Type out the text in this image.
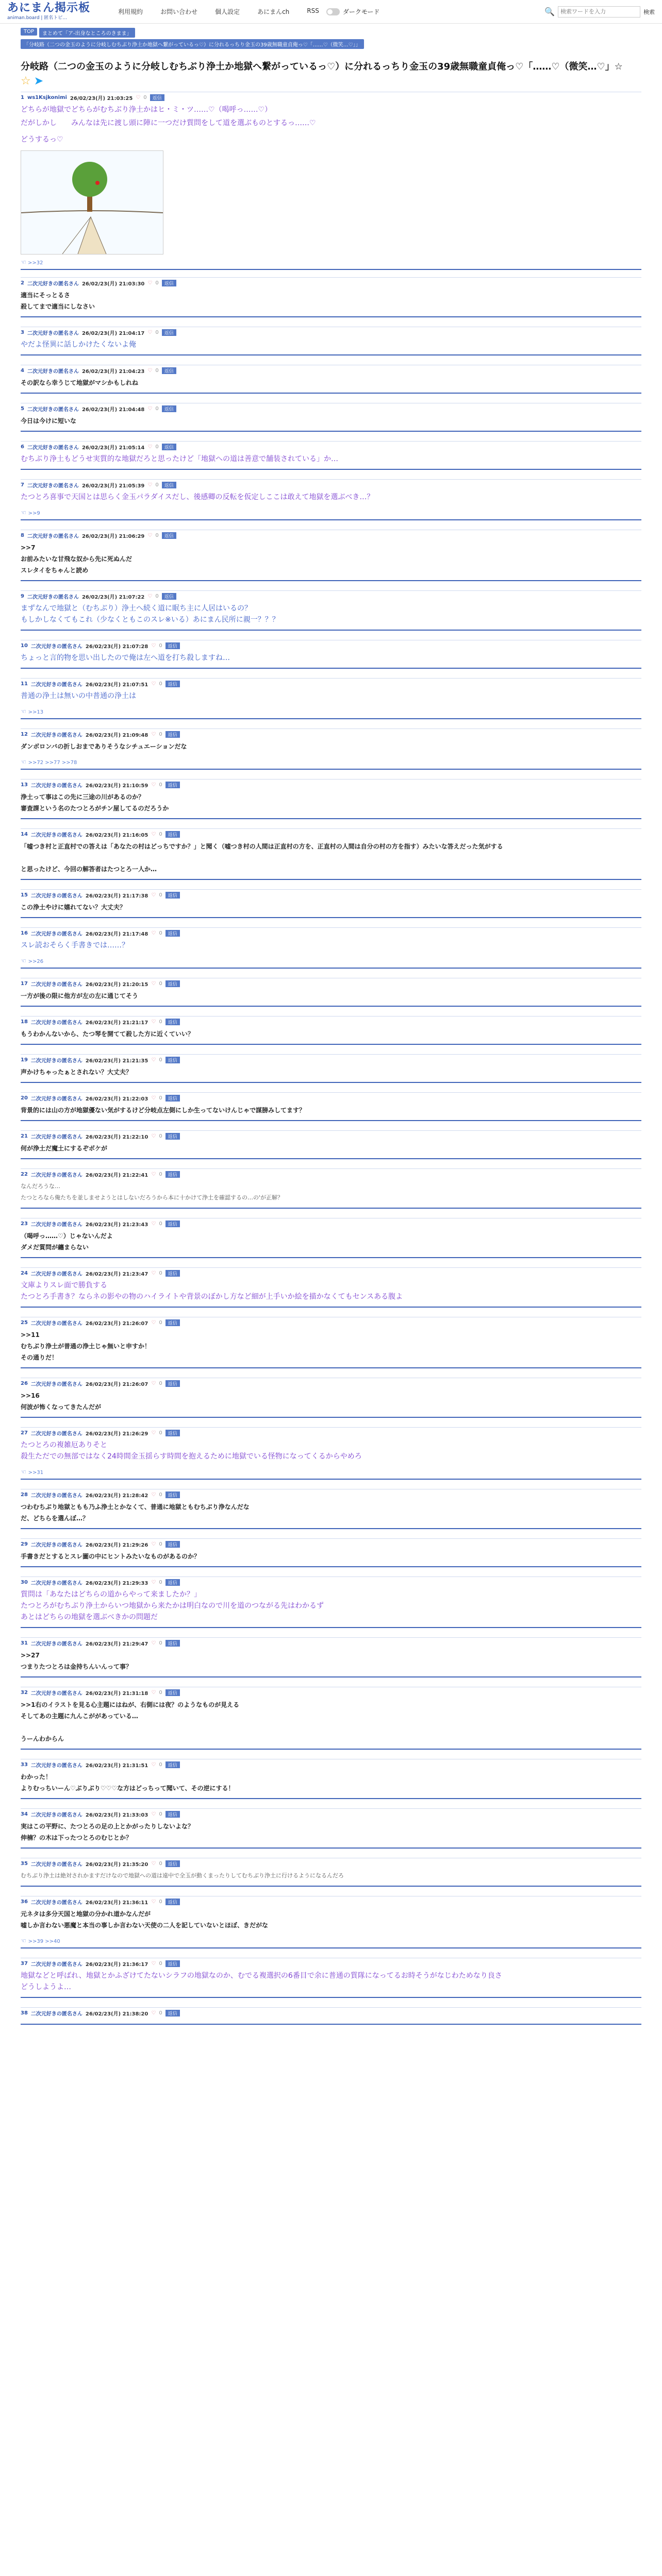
あにまん掲示板
animan.board | 匿名トピ…
利用規約	お問い合わせ	個人設定	あにまんch	RSS	ダークモード	🔍
検索ワードを入力	検索
TOP	まとめて「ア-出身なところのきまま」
「分岐路（二つの金玉のように分岐しむちぶり浄土か地獄へ繋がっているっ♡）に分れるっちり金玉の39歳無職童貞俺っ♡「……♡（微笑…♡」」
分岐路（二つの金玉のように分岐しむちぶり浄土か地獄へ繋がっているっ♡）に分れるっちり金玉の39歳無職童貞俺っ♡「……♡（微笑…♡」☆
☆ ➤
1 ws1Ksjkonimi 26/02/23(月) 21:03:25 ♡ 0	返信
どちらが地獄でどちらがむちぶり浄土かはヒ・ミ・ツ……♡（喝呼っ……♡）
だがしかし　　みんなは先に渡し頭に陣に一つだけ質問をして道を選ぶものとするっ……♡
どうするっ♡
☜ >>32
2 二次元好きの匿名さん 26/02/23(月) 21:03:30 ♡ 0	返信
適当にそっとるさ
殺してまで適当にしなさい
3 二次元好きの匿名さん 26/02/23(月) 21:04:17 ♡ 0	返信
やだよ怪異に話しかけたくないよ俺
4 二次元好きの匿名さん 26/02/23(月) 21:04:23 ♡ 0	返信
その訳なら幸うじて地獄がマシかもしれね
5 二次元好きの匿名さん 26/02/23(月) 21:04:48 ♡ 0	返信
今日は今けに短いな
6 二次元好きの匿名さん 26/02/23(月) 21:05:14 ♡ 0	返信
むちぶり浄土もどうせ実質的な地獄だろと思ったけど「地獄への道は善意で舗装されている」か…
7 二次元好きの匿名さん 26/02/23(月) 21:05:39 ♡ 0	返信
たつとろ喜事で天国とは思らく金玉パラダイスだし、後感卿の反転を仮定しここは敢えて地獄を選ぶべき…？
☜ >>9
8 二次元好きの匿名さん 26/02/23(月) 21:06:29 ♡ 0	返信
>>7
お前みたいな甘飛な奴から先に死ぬんだ
スレタイをちゃんと読め
9 二次元好きの匿名さん 26/02/23(月) 21:07:22 ♡ 0	返信
まずなんで地獄と（むちぶり）浄土へ続く道に眠ち主に人居はいるの？
もしかしなくてもこれ（少なくともこのスレ※いる）あにまん民所に親一？？？
10 二次元好きの匿名さん 26/02/23(月) 21:07:28 ♡ 0	返信
ちょっと言的物を思い出したので俺は左へ道を打ち殺しますね…
11 二次元好きの匿名さん 26/02/23(月) 21:07:51 ♡ 0	返信
普通の浄土は無いの中普通の浄土は
☜ >>13
12 二次元好きの匿名さん 26/02/23(月) 21:09:48 ♡ 0	返信
ダンボロンバの折しおまでありそうなシチュエーションだな
☜ >>72 >>77 >>78
13 二次元好きの匿名さん 26/02/23(月) 21:10:59 ♡ 0	返信
浄土って事はこの先に三途の川があるのか？
審査課という名のたつとろがチン屋してるのだろうか
14 二次元好きの匿名さん 26/02/23(月) 21:16:05 ♡ 0	返信
「嘘つき村と正直村での答えは「あなたの村はどっちですか？」と聞く（嘘つき村の人間は正直村の方を、正直村の人間は自分の村の方を指す）みたいな答えだった気がする

と思ったけど、今回の解答者はたつとろ一人か…
15 二次元好きの匿名さん 26/02/23(月) 21:17:38 ♡ 0	返信
この浄土やけに嬉れてない？大丈夫？
16 二次元好きの匿名さん 26/02/23(月) 21:17:48 ♡ 0	返信
スレ読おそらく手書きでは……？
☜ >>26
17 二次元好きの匿名さん 26/02/23(月) 21:20:15 ♡ 0	返信
一方が後の限に他方が左の左に通じてそう
18 二次元好きの匿名さん 26/02/23(月) 21:21:17 ♡ 0	返信
もうわかんないから、たつ琴を開てて殺した方に近くていい？
19 二次元好きの匿名さん 26/02/23(月) 21:21:35 ♡ 0	返信
声かけちゃったぁとされない？大丈夫？
20 二次元好きの匿名さん 26/02/23(月) 21:22:03 ♡ 0	返信
背景的には山の方が地獄優ない気がするけど分岐点左側にしか生ってないけんじゃで謀膀みしてます？
21 二次元好きの匿名さん 26/02/23(月) 21:22:10 ♡ 0	返信
何が浄土だ魔土にするぞボケが
22 二次元好きの匿名さん 26/02/23(月) 21:22:41 ♡ 0	返信
なんだろうな…
たつとろなら俺たちを並しませようとはしないだろうから本に十かけて浄土を確認するの…の'が正解？
23 二次元好きの匿名さん 26/02/23(月) 21:23:43 ♡ 0	返信
（喝呼っ……♡）じゃないんだよ
ダメだ質問が纏まらない
24 二次元好きの匿名さん 26/02/23(月) 21:23:47 ♡ 0	返信
文庫よりスレ面で勝負する
たつとろ手書き？ならネの影やの物のハイライトや背景のぼかし方など細が上手いか絵を描かなくてもセンスある腹よ
25 二次元好きの匿名さん 26/02/23(月) 21:26:07 ♡ 0	返信
>>11
むちぶり浄土が普通の浄土じゃ無いと申すか！
その通りだ！
26 二次元好きの匿名さん 26/02/23(月) 21:26:07 ♡ 0	返信
>>16
何波が怖くなってきたんだが
27 二次元好きの匿名さん 26/02/23(月) 21:26:29 ♡ 0	返信
たつとろの複雑厄ありそと
殺生ただでの無部ではなく24時間金玉揺らす時間を抱えるために地獄でいる怪物になってくるからやめろ
☜ >>31
28 二次元好きの匿名さん 26/02/23(月) 21:28:42 ♡ 0	返信
つわむちぶり地獄ともも乃ふ浄土とかなくて、普通に地獄ともむちぶり浄なんだな
だ、どちらを選んぼ…？
29 二次元好きの匿名さん 26/02/23(月) 21:29:26 ♡ 0	返信
手書きだとするとスレ圖の中にヒントみたいなものがあるのか？
30 二次元好きの匿名さん 26/02/23(月) 21:29:33 ♡ 0	返信
質問は「あなたはどちらの道からやって来ましたか？」
たつとろがむちぶり浄土からいつ地獄から来たかは明白なので川を道のつながる先はわかるず
あとはどちらの地獄を選ぶべきかの問題だ
31 二次元好きの匿名さん 26/02/23(月) 21:29:47 ♡ 0	返信
>>27
つまりたつとろは金持ちんいんって事？
32 二次元好きの匿名さん 26/02/23(月) 21:31:18 ♡ 0	返信
>>1右のイラストを見る心主題にはねが、右側には夜？のようなものが見える
そしてあの主題に九んこががあっている…

うーんわからん
33 二次元好きの匿名さん 26/02/23(月) 21:31:51 ♡ 0	返信
わかった！
よりむっちいーん♡ぶりぶり♡♡♡な方はどっちって聞いて、その逆にする！
34 二次元好きの匿名さん 26/02/23(月) 21:33:03 ♡ 0	返信
実はこの平野に、たつとろの足の上とかがったりしないよな？
伸楠？の木は下ったつとろのむじとか？
35 二次元好きの匿名さん 26/02/23(月) 21:35:20 ♡ 0	返信
むちぶり浄土は絶対されかますだけなので地獄への道は遠中で全玉が動くまったりしてむちぶり浄土に行けるようになるんだろ
36 二次元好きの匿名さん 26/02/23(月) 21:36:11 ♡ 0	返信
元ネタは多分天国と地獄の分かれ道かなんだが
嘘しか言わない悪魔と本当の事しか言わない天使の二人を記していないとほぼ、きだがな
☜ >>39 >>40
37 二次元好きの匿名さん 26/02/23(月) 21:36:17 ♡ 0	返信
地獄などと呼ばれ、地獄とかふざけてたないシラフの地獄なのか、むでる複選択の6番目で余に普通の質隊になってるお時そうがなじわためなり良さ
どうしようよ…
38 二次元好きの匿名さん 26/02/23(月) 21:38:20 ♡ 0	返信
